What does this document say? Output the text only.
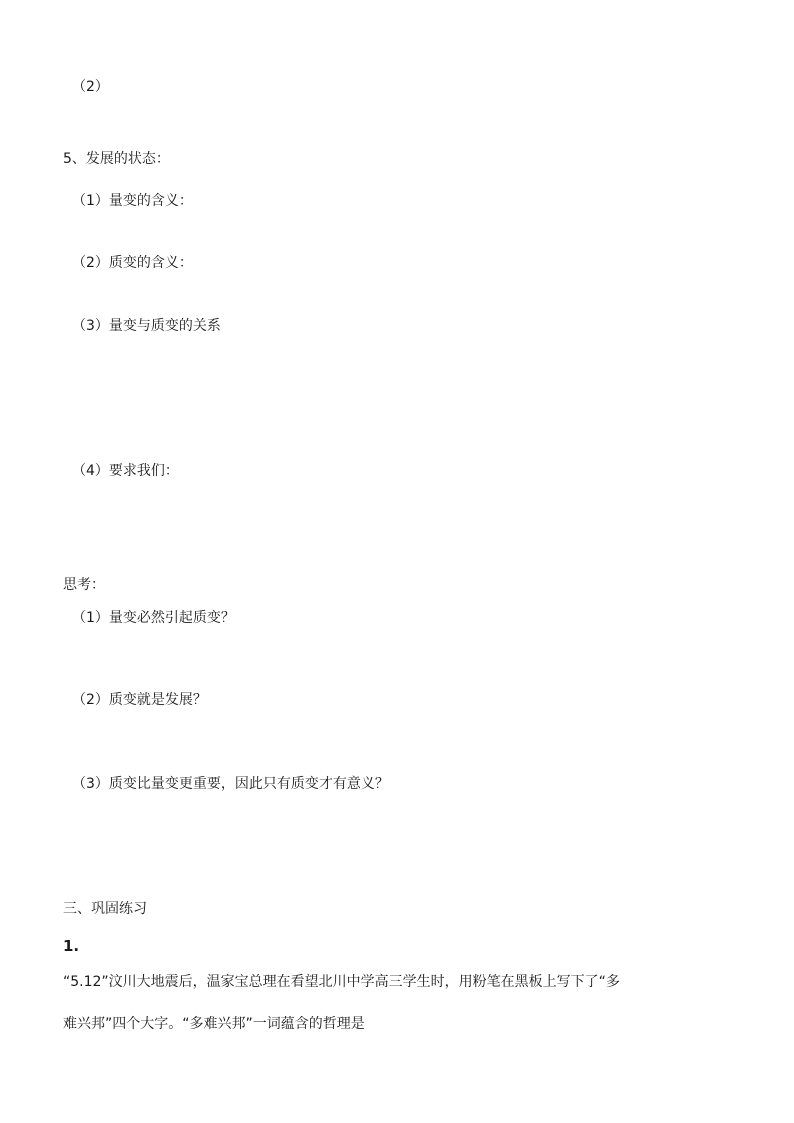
（2）
5、发展的状态：
（1）量变的含义：
（2）质变的含义：
（3）量变与质变的关系
（4）要求我们：
思考：
（1）量变必然引起质变？
（2）质变就是发展？
（3）质变比量变更重要，因此只有质变才有意义？
三、巩固练习
1.
“5.12”汶川大地震后，温家宝总理在看望北川中学高三学生时，用粉笔在黑板上写下了“多
难兴邦”四个大字。“多难兴邦”一词蕴含的哲理是
